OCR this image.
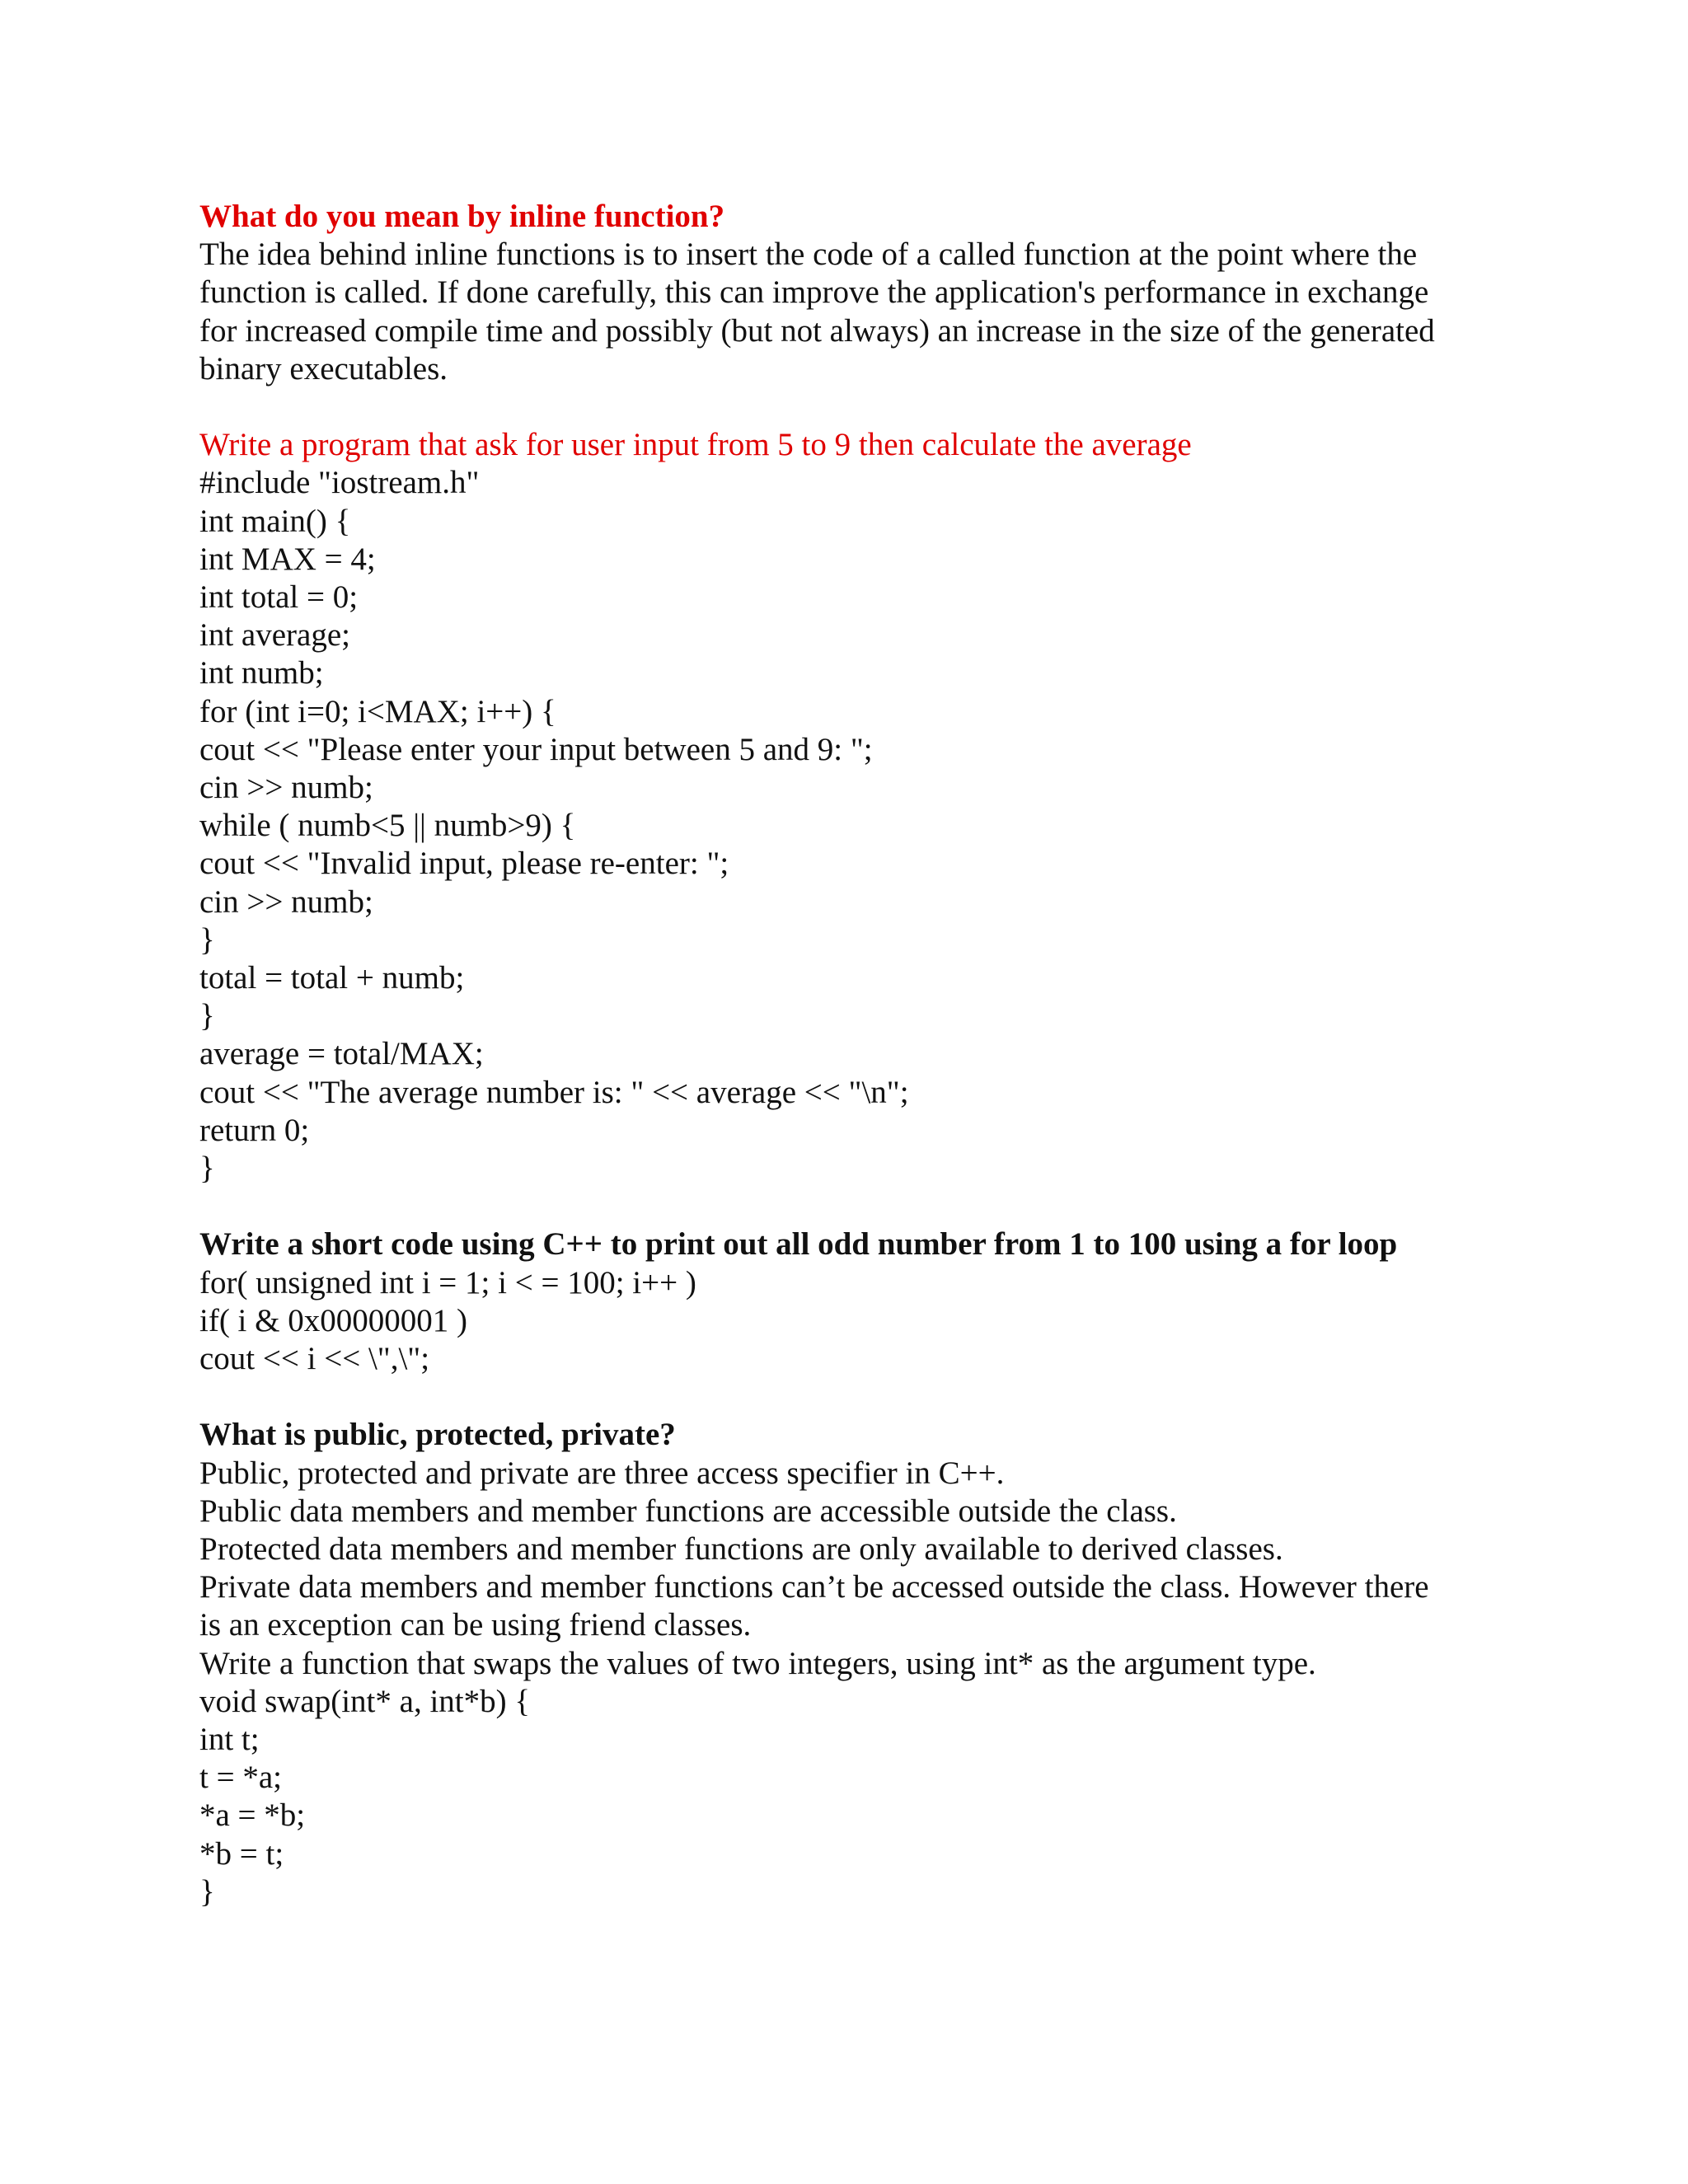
What do you mean by inline function?
The idea behind inline functions is to insert the code of a called function at the point where the
function is called. If done carefully, this can improve the application's performance in exchange
for increased compile time and possibly (but not always) an increase in the size of the generated
binary executables.
Write a program that ask for user input from 5 to 9 then calculate the average
#include "iostream.h"
int main() {
int MAX = 4;
int total = 0;
int average;
int numb;
for (int i=0; i<MAX; i++) {
cout << "Please enter your input between 5 and 9: ";
cin >> numb;
while ( numb<5 || numb>9) {
cout << "Invalid input, please re-enter: ";
cin >> numb;
}
total = total + numb;
}
average = total/MAX;
cout << "The average number is: " << average << "\n";
return 0;
}
Write a short code using C++ to print out all odd number from 1 to 100 using a for loop
for( unsigned int i = 1; i < = 100; i++ )
if( i & 0x00000001 )
cout << i << \",\";
What is public, protected, private?
Public, protected and private are three access specifier in C++.
Public data members and member functions are accessible outside the class.
Protected data members and member functions are only available to derived classes.
Private data members and member functions can’t be accessed outside the class. However there
is an exception can be using friend classes.
Write a function that swaps the values of two integers, using int* as the argument type.
void swap(int* a, int*b) {
int t;
t = *a;
*a = *b;
*b = t;
}
